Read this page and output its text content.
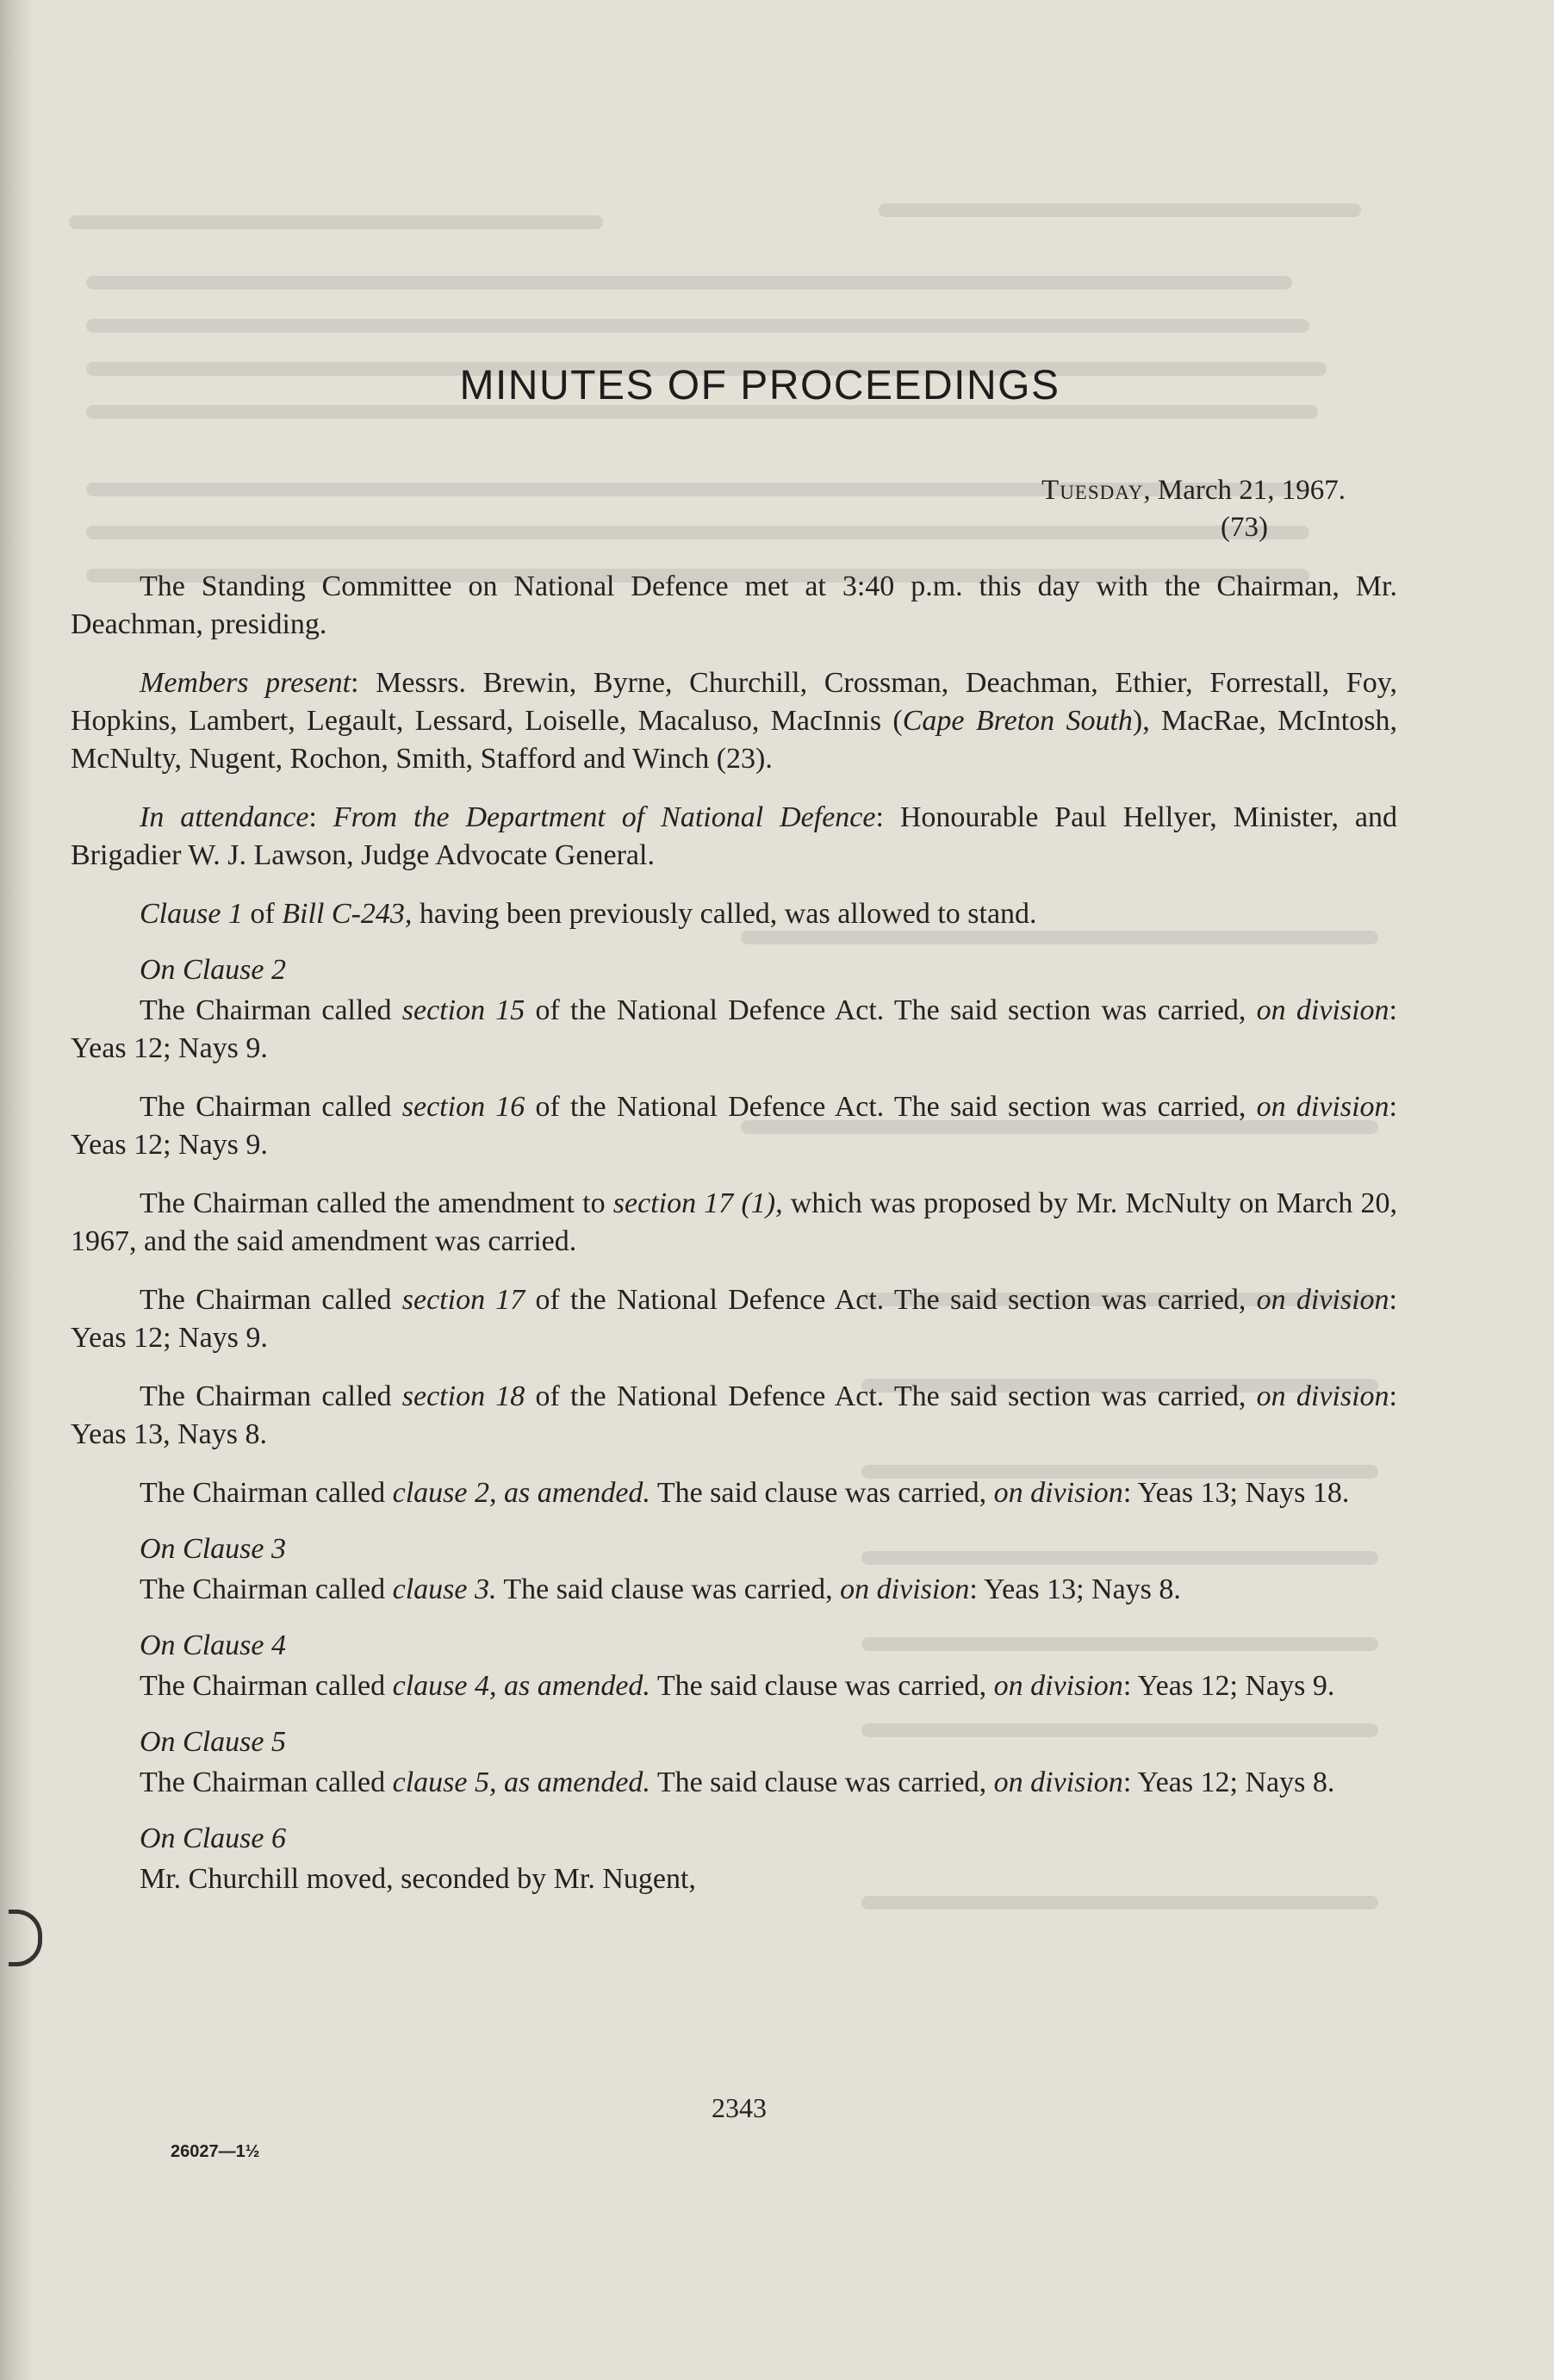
MINUTES OF PROCEEDINGS
Tuesday, March 21, 1967.
(73)

The Standing Committee on National Defence met at 3:40 p.m. this day with the Chairman, Mr. Deachman, presiding.

Members present: Messrs. Brewin, Byrne, Churchill, Crossman, Deachman, Ethier, Forrestall, Foy, Hopkins, Lambert, Legault, Lessard, Loiselle, Macaluso, MacInnis (Cape Breton South), MacRae, McIntosh, McNulty, Nugent, Rochon, Smith, Stafford and Winch (23).

In attendance: From the Department of National Defence: Honourable Paul Hellyer, Minister, and Brigadier W. J. Lawson, Judge Advocate General.

Clause 1 of Bill C-243, having been previously called, was allowed to stand.

On Clause 2

The Chairman called section 15 of the National Defence Act. The said section was carried, on division: Yeas 12; Nays 9.

The Chairman called section 16 of the National Defence Act. The said section was carried, on division: Yeas 12; Nays 9.

The Chairman called the amendment to section 17 (1), which was proposed by Mr. McNulty on March 20, 1967, and the said amendment was carried.

The Chairman called section 17 of the National Defence Act. The said section was carried, on division: Yeas 12; Nays 9.

The Chairman called section 18 of the National Defence Act. The said section was carried, on division: Yeas 13, Nays 8.

The Chairman called clause 2, as amended. The said clause was carried, on division: Yeas 13; Nays 18.

On Clause 3

The Chairman called clause 3. The said clause was carried, on division: Yeas 13; Nays 8.

On Clause 4

The Chairman called clause 4, as amended. The said clause was carried, on division: Yeas 12; Nays 9.

On Clause 5

The Chairman called clause 5, as amended. The said clause was carried, on division: Yeas 12; Nays 8.

On Clause 6

Mr. Churchill moved, seconded by Mr. Nugent,

2343
26027—1½
